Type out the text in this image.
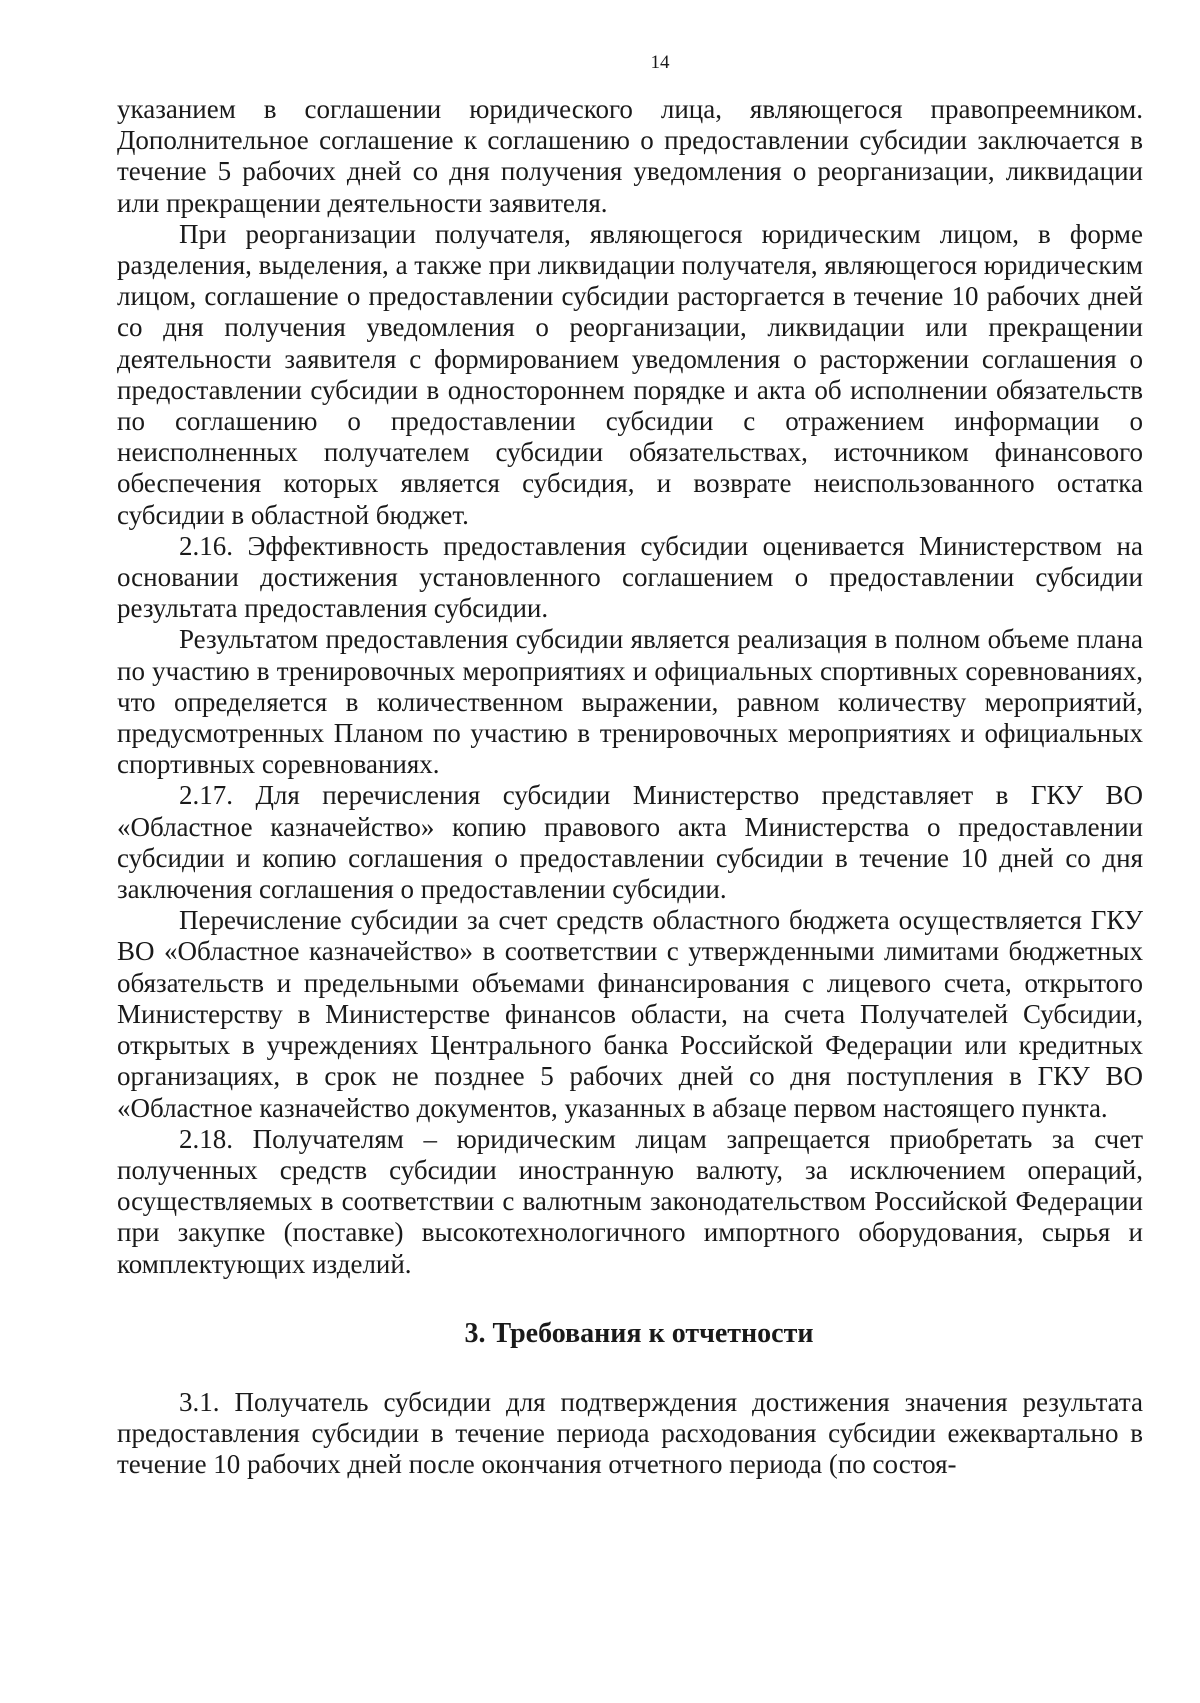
14

указанием в соглашении юридического лица, являющегося правопреемником. Дополнительное соглашение к соглашению о предоставлении субсидии заключается в течение 5 рабочих дней со дня получения уведомления о реорганизации, ликвидации или прекращении деятельности заявителя.

При реорганизации получателя, являющегося юридическим лицом, в форме разделения, выделения, а также при ликвидации получателя, являющегося юридическим лицом, соглашение о предоставлении субсидии расторгается в течение 10 рабочих дней со дня получения уведомления о реорганизации, ликвидации или прекращении деятельности заявителя с формированием уведомления о расторжении соглашения о предоставлении субсидии в одностороннем порядке и акта об исполнении обязательств по соглашению о предоставлении субсидии с отражением информации о неисполненных получателем субсидии обязательствах, источником финансового обеспечения которых является субсидия, и возврате неиспользованного остатка субсидии в областной бюджет.

2.16. Эффективность предоставления субсидии оценивается Министерством на основании достижения установленного соглашением о предоставлении субсидии результата предоставления субсидии.

Результатом предоставления субсидии является реализация в полном объеме плана по участию в тренировочных мероприятиях и официальных спортивных соревнованиях, что определяется в количественном выражении, равном количеству мероприятий, предусмотренных Планом по участию в тренировочных мероприятиях и официальных спортивных соревнованиях.

2.17. Для перечисления субсидии Министерство представляет в ГКУ ВО «Областное казначейство» копию правового акта Министерства о предоставлении субсидии и копию соглашения о предоставлении субсидии в течение 10 дней со дня заключения соглашения о предоставлении субсидии.

Перечисление субсидии за счет средств областного бюджета осуществляется ГКУ ВО «Областное казначейство» в соответствии с утвержденными лимитами бюджетных обязательств и предельными объемами финансирования с лицевого счета, открытого Министерству в Министерстве финансов области, на счета Получателей Субсидии, открытых в учреждениях Центрального банка Российской Федерации или кредитных организациях, в срок не позднее 5 рабочих дней со дня поступления в ГКУ ВО «Областное казначейство документов, указанных в абзаце первом настоящего пункта.

2.18. Получателям – юридическим лицам запрещается приобретать за счет полученных средств субсидии иностранную валюту, за исключением операций, осуществляемых в соответствии с валютным законодательством Российской Федерации при закупке (поставке) высокотехнологичного импортного оборудования, сырья и комплектующих изделий.

3. Требования к отчетности

3.1. Получатель субсидии для подтверждения достижения значения результата предоставления субсидии в течение периода расходования субсидии ежеквартально в течение 10 рабочих дней после окончания отчетного периода (по состоя-
